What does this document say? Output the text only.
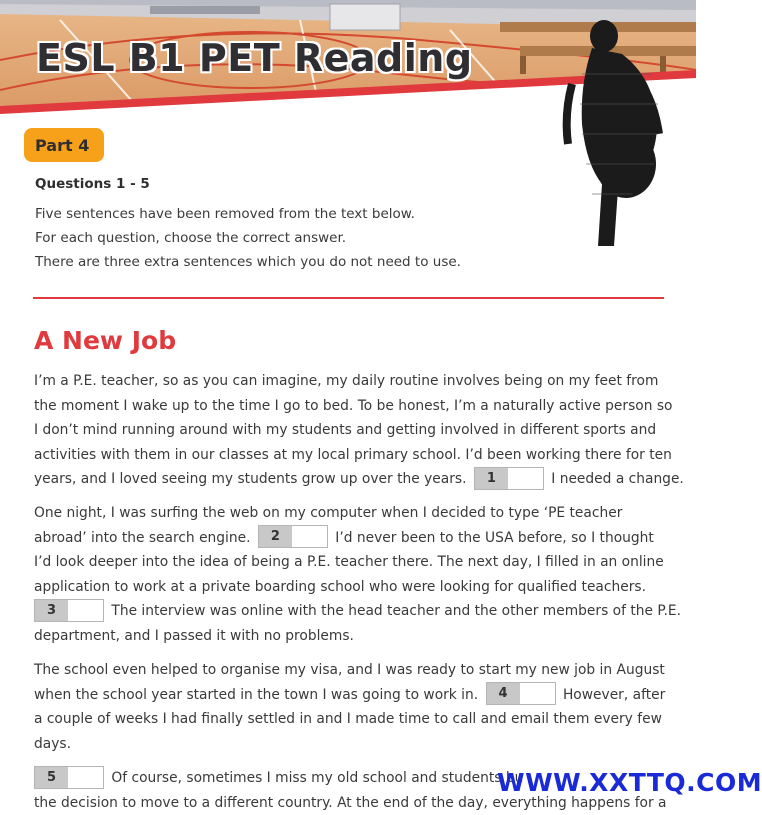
ESL B1 PET Reading
Part 4
Questions 1 - 5
Five sentences have been removed from the text below.
For each question, choose the correct answer.
There are three extra sentences which you do not need to use.
A New Job
I’m a P.E. teacher, so as you can imagine, my daily routine involves being on my feet from
the moment I wake up to the time I go to bed. To be honest, I’m a naturally active person so
I don’t mind running around with my students and getting involved in different sports and
activities with them in our classes at my local primary school. I’d been working there for ten
years, and I loved seeing my students grow up over the years.	1	I needed a change.
One night, I was surfing the web on my computer when I decided to type ‘PE teacher
abroad’ into the search engine.	2	I’d never been to the USA before, so I thought
I’d look deeper into the idea of being a P.E. teacher there. The next day, I filled in an online
application to work at a private boarding school who were looking for qualified teachers.
3	The interview was online with the head teacher and the other members of the P.E.
department, and I passed it with no problems.
The school even helped to organise my visa, and I was ready to start my new job in August
when the school year started in the town I was going to work in.	4	However, after
a couple of weeks I had finally settled in and I made time to call and email them every few
days.
5	Of course, sometimes I miss my old school and students bu
the decision to move to a different country. At the end of the day, everything happens for a
WWW.XXTTQ.COM
